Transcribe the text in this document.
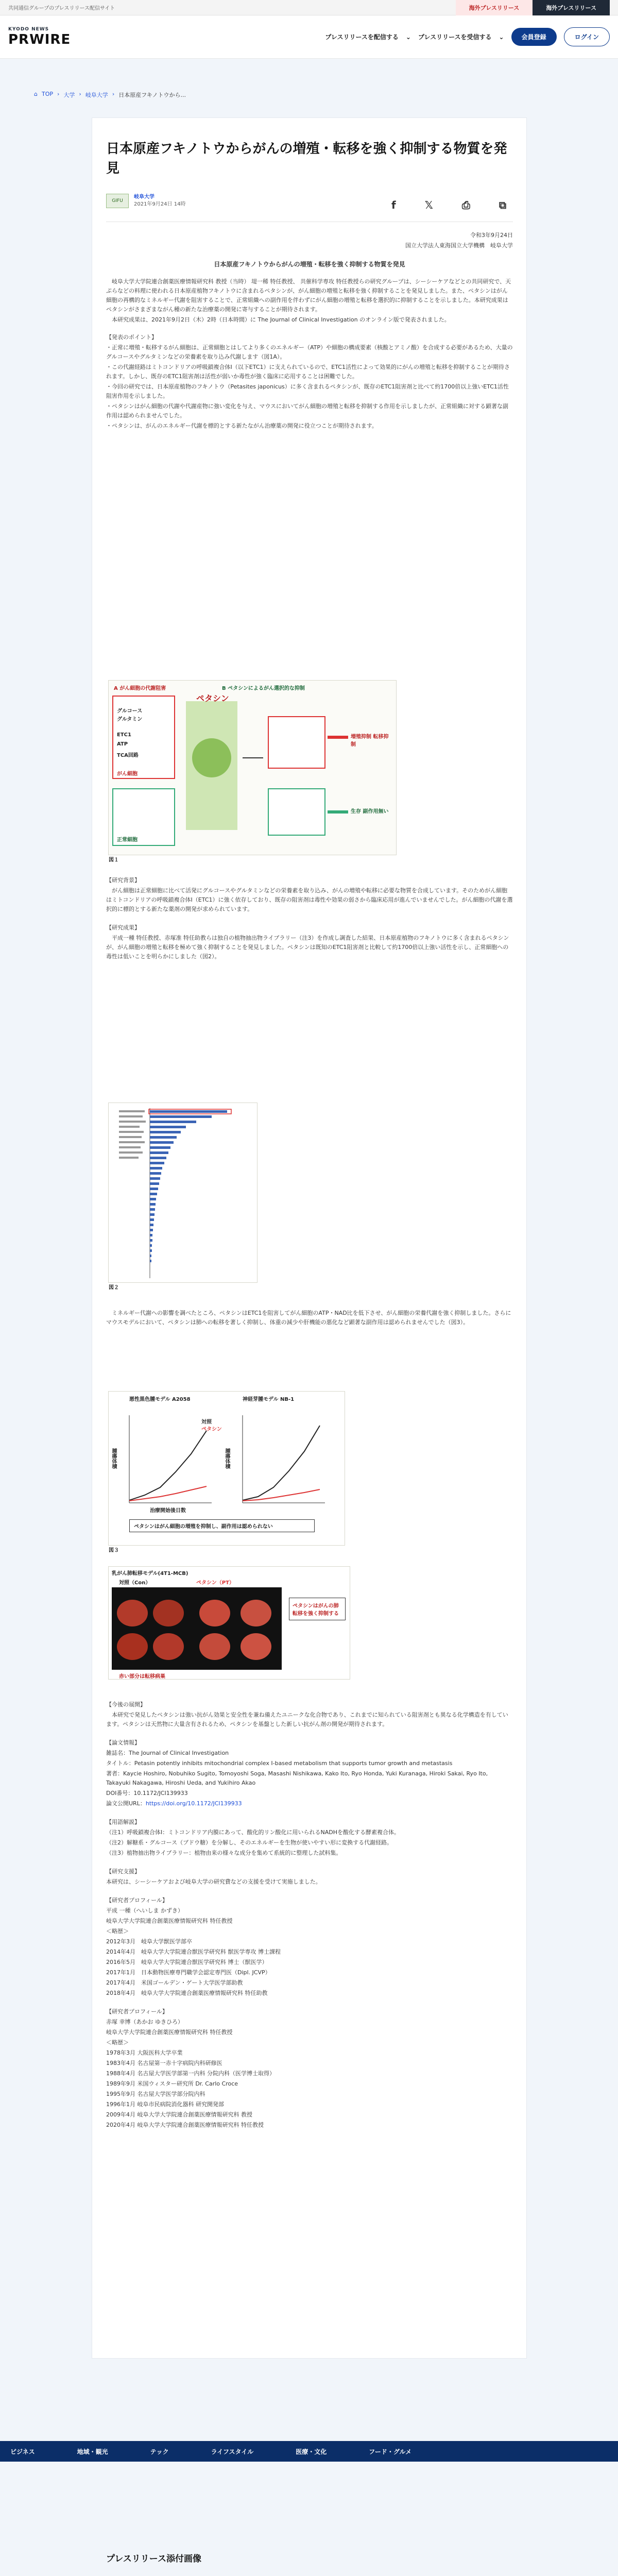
共同通信グループのプレスリリース配信サイト	海外プレスリリース	海外プレスリリース
KYODO NEWS
PRWIRE	プレスリリースを配信する ⌄ プレスリリースを受信する ⌄	会員登録	ログイン
⌂ TOP › 大学 › 岐阜大学 › 日本原産フキノトウから...
日本原産フキノトウからがんの増殖・転移を強く抑制する物質を発見
GIFU
岐阜大学
2021年9月24日 14時	f	𝕏	⎙	⧉

令和3年9月24日

国立大学法人東海国立大学機構　岐阜大学

日本原産フキノトウからがんの増殖・転移を強く抑制する物質を発見

　岐阜大学大学院連合創薬医療情報研究科 教授（当時） 堤一稀 特任教授、 共催科学専攻 特任教授らの研究グループは、シーシーケアなどとの共同研究で、天ぷらなどの料理に使われる日本原産植物フキノトウに含まれるペタシンが、がん細胞の増殖と転移を強く抑制することを発見しました。また、ペタシンはがん細胞の再構的なミネルギー代謝を阻害することで、正常組織への副作用を伴わずにがん細胞の増殖と転移を選択的に抑制することを示しました。本研究成果はペタシンがさまざまながん種の新たな治療薬の開発に寄与することが期待されます。

　本研究成果は、2021年9月2日（木）2時（日本時間）に The Journal of Clinical Investigation のオンライン版で発表されました。

【発表のポイント】

・正常に増殖・転移するがん細胞は、正常細胞とはしてより多くのエネルギー（ATP）や細胞の構成要素（核酸とアミノ酸）を合成する必要があるため、大量のグルコースやグルタミンなどの栄養素を取り込み代謝します（図1A）。

・この代謝経路はミトコンドリアの呼吸鎖複合体Ⅰ（以下ETC1）に支えられているので、ETC1活性によって効果的にがんの増殖と転移を抑制することが期待されます。しかし、既存のETC1阻害剤は活性が弱いか毒性が強く臨床に応用することは困難でした。

・今回の研究では、日本原産植物のフキノトウ（Petasites japonicus）に多く含まれるペタシンが、既存のETC1阻害剤と比べて約1700倍以上強いETC1活性阻害作用を示しました。

・ペタシンはがん細胞の代謝や代謝産物に強い変化を与え、マウスにおいてがん細胞の増殖と転移を抑制する作用を示しましたが、正常組織に対する顕著な副作用は認められませんでした。

・ペタシンは、がんのエネルギー代謝を標的とする新たながん治療薬の開発に役立つことが期待されます。

A がん細胞の代謝阻害	B ペタシンによるがん選択的な抑制
ペタシン
グルコース
グルタミン
ETC1
ATP
TCA回路
がん細胞
正常細胞
増殖抑制 転移抑制
生存 副作用無い
図１

【研究背景】

　がん細胞は正常細胞に比べて活発にグルコースやグルタミンなどの栄養素を取り込み、がんの増殖や転移に必要な物質を合成しています。そのためがん細胞はミトコンドリアの呼吸鎖複合体Ⅰ（ETC1）に強く依存しており、既存の阻害剤は毒性や効果の弱さから臨床応用が進んでいませんでした。がん細胞の代謝を選択的に標的とする新たな薬剤の開発が求められています。

【研究成果】

　平成一種 特任教授、赤塚准 特任助教らは独自の植物抽出物ライブラリー（注3）を作成し調査した結果、日本原産植物のフキノトウに多く含まれるペタシンが、がん細胞の増殖と転移を極めて強く抑制することを発見しました。ペタシンは既知のETC1阻害剤と比較して約1700倍以上強い活性を示し、正常細胞への毒性は低いことを明らかにしました（図2）。

図２

　ミネルギー代謝への影響を調べたところ、ペタシンはETC1を阻害してがん細胞のATP・NAD比を低下させ、がん細胞の栄養代謝を強く抑制しました。さらにマウスモデルにおいて、ペタシンは肺への転移を著しく抑制し、体重の減少や肝機能の悪化など顕著な副作用は認められませんでした（図3）。

悪性黒色腫モデル A2058	神経芽腫モデル NB-1
腫瘍体積	腫瘍体積
治療開始後日数
対照
ペタシン
ペタシンはがん細胞の増殖を抑制し、副作用は認められない
図３
乳がん肺転移モデル(4T1-MCB)
対照（Con）	ペタシン（PT）
ペタシンはがんの肺転移を強く抑制する
赤い部分は転移病巣

【今後の展開】

　本研究で発見したペタシンは強い抗がん効果と安全性を兼ね備えたユニークな化合物であり、これまでに知られている阻害剤とも異なる化学構造を有しています。ペタシンは天然物に大量含有されるため、ペタシンを基盤とした新しい抗がん剤の開発が期待されます。

【論文情報】

雑誌名：The Journal of Clinical Investigation

タイトル：Petasin potently inhibits mitochondrial complex I-based metabolism that supports tumor growth and metastasis

著者：Kaycie Hoshiro, Nobuhiko Sugito, Tomoyoshi Soga, Masashi Nishikawa, Kako Ito, Ryo Honda, Yuki Kuranaga, Hiroki Sakai, Ryo Ito, Takayuki Nakagawa, Hiroshi Ueda, and Yukihiro Akao

DOI番号：10.1172/JCI139933

論文公開URL：https://doi.org/10.1172/JCI139933

【用語解説】

（注1）呼吸鎖複合体Ⅰ：ミトコンドリア内膜にあって、酸化的リン酸化に用いられるNADHを酸化する酵素複合体。

（注2）解糖系・グルコース（ブドウ糖）を分解し、そのエネルギーを生物が使いやすい形に変換する代謝経路。

（注3）植物抽出物ライブラリー：植物由来の様々な成分を集めて系統的に整理した試料集。

【研究支援】

本研究は、シーシーケアおよび岐阜大学の研究費などの支援を受けて実施しました。

【研究者プロフィール】

平成 一種（へいしま かずき）

岐阜大学大学院連合創薬医療情報研究科 特任教授

＜略歴＞

2012年3月　岐阜大学獣医学部卒

2014年4月　岐阜大学大学院連合獣医学研究科 獣医学専攻 博士課程

2016年5月　岐阜大学大学院連合獣医学研究科 博士（獣医学）

2017年1月　日本動物医療専門職学会認定専門医（Dipl. JCVP）

2017年4月　米国ゴールデン・ゲート大学医学部助教

2018年4月　岐阜大学大学院連合創薬医療情報研究科 特任助教

【研究者プロフィール】

赤塚 幸博（あかお ゆきひろ）

岐阜大学大学院連合創薬医療情報研究科 特任教授

＜略歴＞

1978年3月 大阪医科大学卒業

1983年4月 名古屋第一赤十字病院内科研修医

1988年4月 名古屋大学医学部第一内科 分院内科（医学博士取得）

1989年9月 米国ウィスター研究所 Dr. Carlo Croce

1995年9月 名古屋大学医学部分院内科

1996年1月 岐阜市民病院消化器科 研究開発部

2009年4月 岐阜大学大学院連合創薬医療情報研究科 教授

2020年4月 岐阜大学大学院連合創薬医療情報研究科 特任教授

ビジネス	地域・観光	テック	ライフスタイル	医療・文化	フード・グルメ
プレスリリース添付画像
